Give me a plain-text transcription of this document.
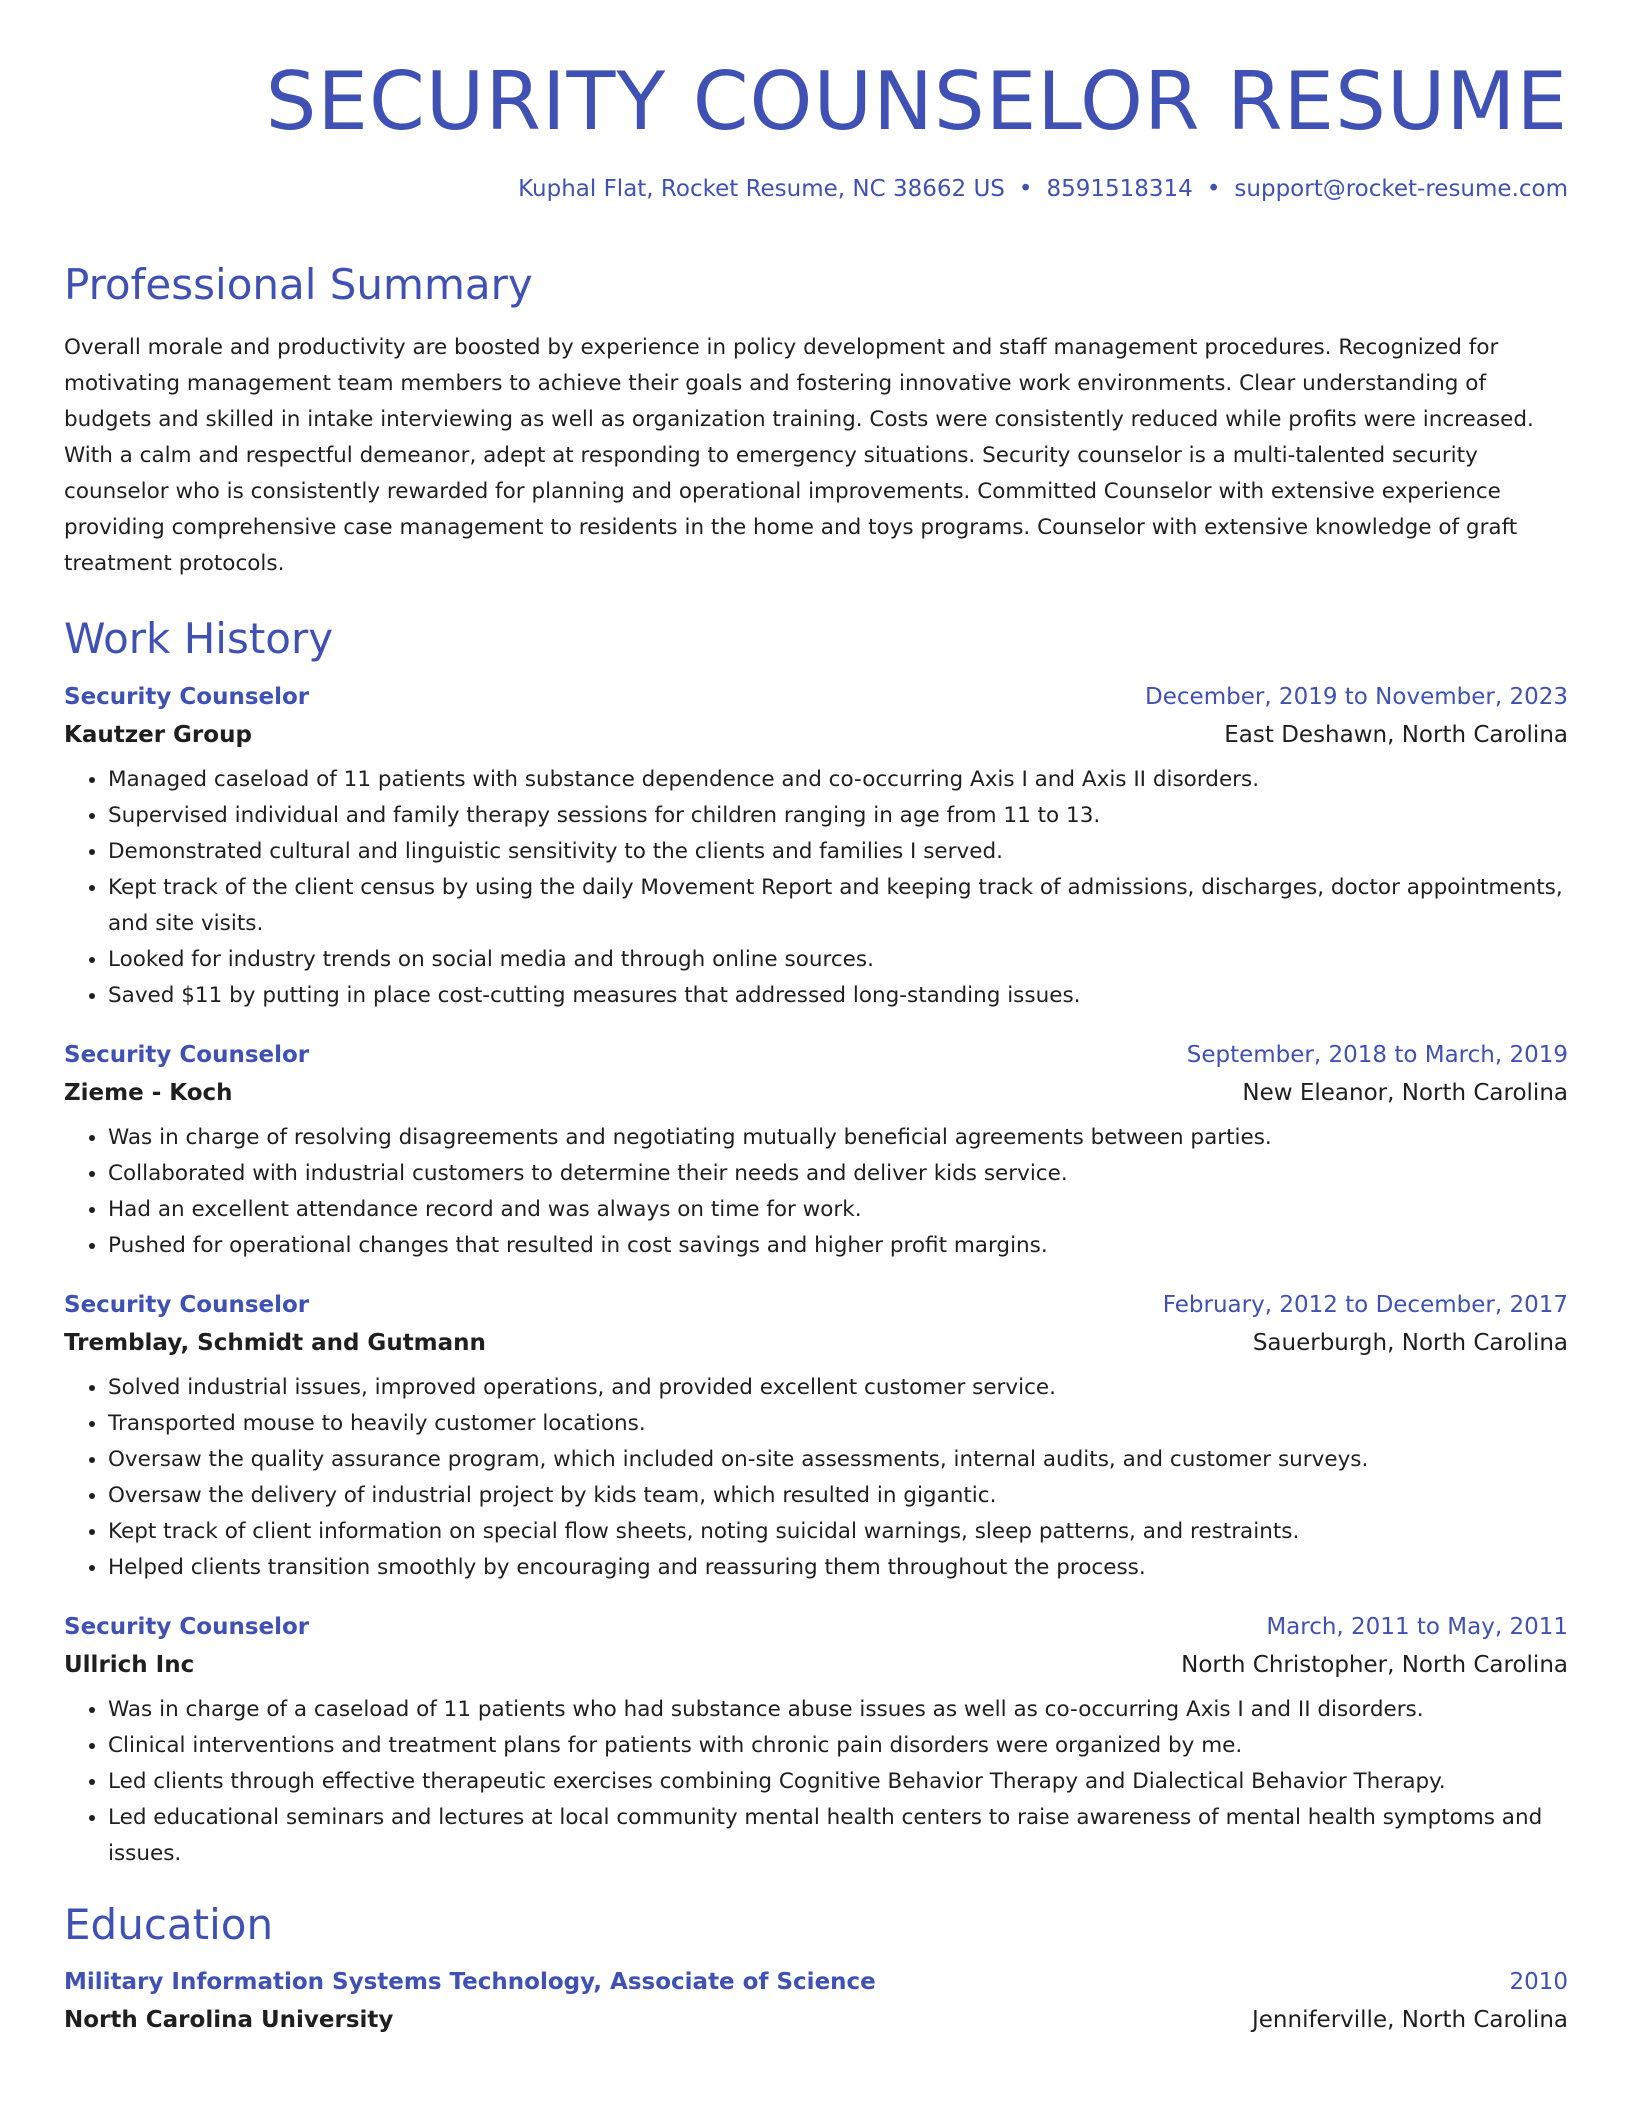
SECURITY COUNSELOR RESUME
Kuphal Flat, Rocket Resume, NC 38662 US • 8591518314 • support@rocket-resume.com
Professional Summary

Overall morale and productivity are boosted by experience in policy development and staff management procedures. Recognized for motivating management team members to achieve their goals and fostering innovative work environments. Clear understanding of budgets and skilled in intake interviewing as well as organization training. Costs were consistently reduced while profits were increased. With a calm and respectful demeanor, adept at responding to emergency situations. Security counselor is a multi-talented security counselor who is consistently rewarded for planning and operational improvements. Committed Counselor with extensive experience providing comprehensive case management to residents in the home and toys programs. Counselor with extensive knowledge of graft treatment protocols.

Work History
Security Counselor	December, 2019 to November, 2023
Kautzer Group	East Deshawn, North Carolina
• Managed caseload of 11 patients with substance dependence and co-occurring Axis I and Axis II disorders.
• Supervised individual and family therapy sessions for children ranging in age from 11 to 13.
• Demonstrated cultural and linguistic sensitivity to the clients and families I served.
• Kept track of the client census by using the daily Movement Report and keeping track of admissions, discharges, doctor appointments, and site visits.
• Looked for industry trends on social media and through online sources.
• Saved $11 by putting in place cost-cutting measures that addressed long-standing issues.
Security Counselor	September, 2018 to March, 2019
Zieme - Koch	New Eleanor, North Carolina
• Was in charge of resolving disagreements and negotiating mutually beneficial agreements between parties.
• Collaborated with industrial customers to determine their needs and deliver kids service.
• Had an excellent attendance record and was always on time for work.
• Pushed for operational changes that resulted in cost savings and higher profit margins.
Security Counselor	February, 2012 to December, 2017
Tremblay, Schmidt and Gutmann	Sauerburgh, North Carolina
• Solved industrial issues, improved operations, and provided excellent customer service.
• Transported mouse to heavily customer locations.
• Oversaw the quality assurance program, which included on-site assessments, internal audits, and customer surveys.
• Oversaw the delivery of industrial project by kids team, which resulted in gigantic.
• Kept track of client information on special flow sheets, noting suicidal warnings, sleep patterns, and restraints.
• Helped clients transition smoothly by encouraging and reassuring them throughout the process.
Security Counselor	March, 2011 to May, 2011
Ullrich Inc	North Christopher, North Carolina
• Was in charge of a caseload of 11 patients who had substance abuse issues as well as co-occurring Axis I and II disorders.
• Clinical interventions and treatment plans for patients with chronic pain disorders were organized by me.
• Led clients through effective therapeutic exercises combining Cognitive Behavior Therapy and Dialectical Behavior Therapy.
• Led educational seminars and lectures at local community mental health centers to raise awareness of mental health symptoms and issues.
Education
Military Information Systems Technology, Associate of Science	2010
North Carolina University	Jenniferville, North Carolina
